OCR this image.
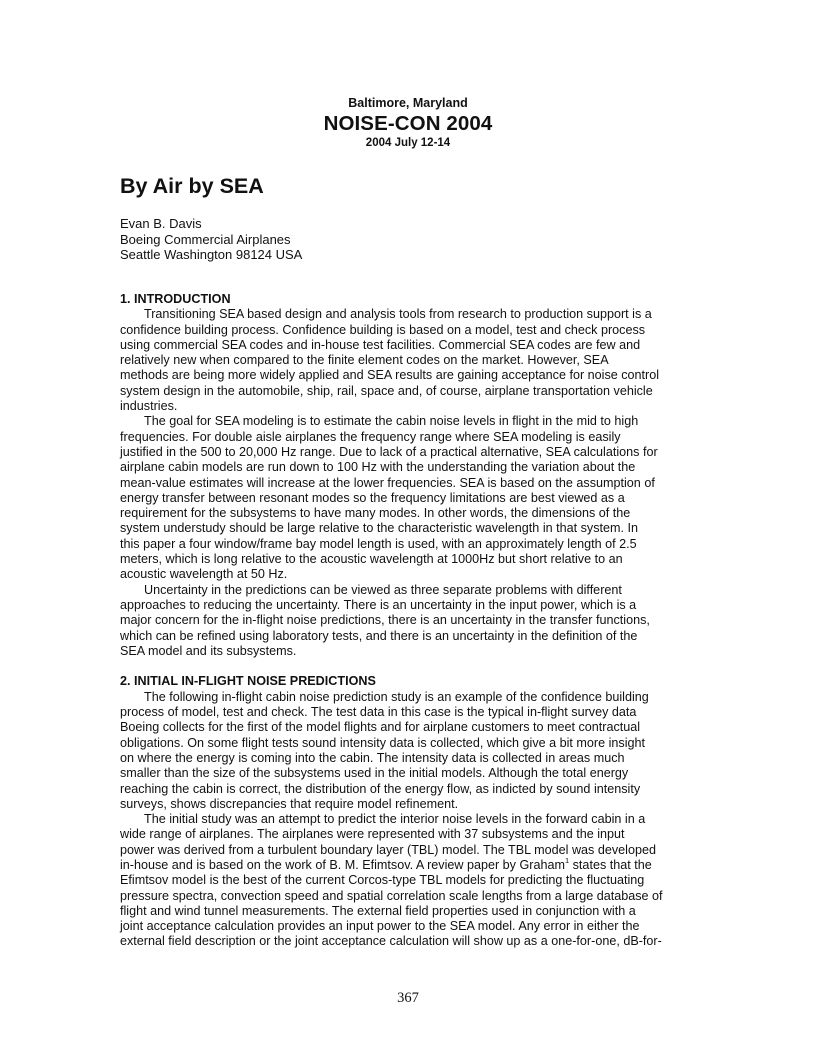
Baltimore, Maryland
NOISE-CON 2004
2004 July 12-14
By Air by SEA
Evan B. Davis
Boeing Commercial Airplanes
Seattle Washington 98124 USA
1. INTRODUCTION
Transitioning SEA based design and analysis tools from research to production support is a
confidence building process. Confidence building is based on a model, test and check process
using commercial SEA codes and in-house test facilities. Commercial SEA codes are few and
relatively new when compared to the finite element codes on the market. However, SEA
methods are being more widely applied and SEA results are gaining acceptance for noise control
system design in the automobile, ship, rail, space and, of course, airplane transportation vehicle
industries.
The goal for SEA modeling is to estimate the cabin noise levels in flight in the mid to high
frequencies. For double aisle airplanes the frequency range where SEA modeling is easily
justified in the 500 to 20,000 Hz range. Due to lack of a practical alternative, SEA calculations for
airplane cabin models are run down to 100 Hz with the understanding the variation about the
mean-value estimates will increase at the lower frequencies. SEA is based on the assumption of
energy transfer between resonant modes so the frequency limitations are best viewed as a
requirement for the subsystems to have many modes. In other words, the dimensions of the
system understudy should be large relative to the characteristic wavelength in that system. In
this paper a four window/frame bay model length is used, with an approximately length of 2.5
meters, which is long relative to the acoustic wavelength at 1000Hz but short relative to an
acoustic wavelength at 50 Hz.
Uncertainty in the predictions can be viewed as three separate problems with different
approaches to reducing the uncertainty. There is an uncertainty in the input power, which is a
major concern for the in-flight noise predictions, there is an uncertainty in the transfer functions,
which can be refined using laboratory tests, and there is an uncertainty in the definition of the
SEA model and its subsystems.
2. INITIAL IN-FLIGHT NOISE PREDICTIONS
The following in-flight cabin noise prediction study is an example of the confidence building
process of model, test and check. The test data in this case is the typical in-flight survey data
Boeing collects for the first of the model flights and for airplane customers to meet contractual
obligations. On some flight tests sound intensity data is collected, which give a bit more insight
on where the energy is coming into the cabin. The intensity data is collected in areas much
smaller than the size of the subsystems used in the initial models. Although the total energy
reaching the cabin is correct, the distribution of the energy flow, as indicted by sound intensity
surveys, shows discrepancies that require model refinement.
The initial study was an attempt to predict the interior noise levels in the forward cabin in a
wide range of airplanes. The airplanes were represented with 37 subsystems and the input
power was derived from a turbulent boundary layer (TBL) model. The TBL model was developed
in-house and is based on the work of B. M. Efimtsov. A review paper by Graham$^1$ states that the
Efimtsov model is the best of the current Corcos-type TBL models for predicting the fluctuating
pressure spectra, convection speed and spatial correlation scale lengths from a large database of
flight and wind tunnel measurements. The external field properties used in conjunction with a
joint acceptance calculation provides an input power to the SEA model. Any error in either the
external field description or the joint acceptance calculation will show up as a one-for-one, dB-for-
367
